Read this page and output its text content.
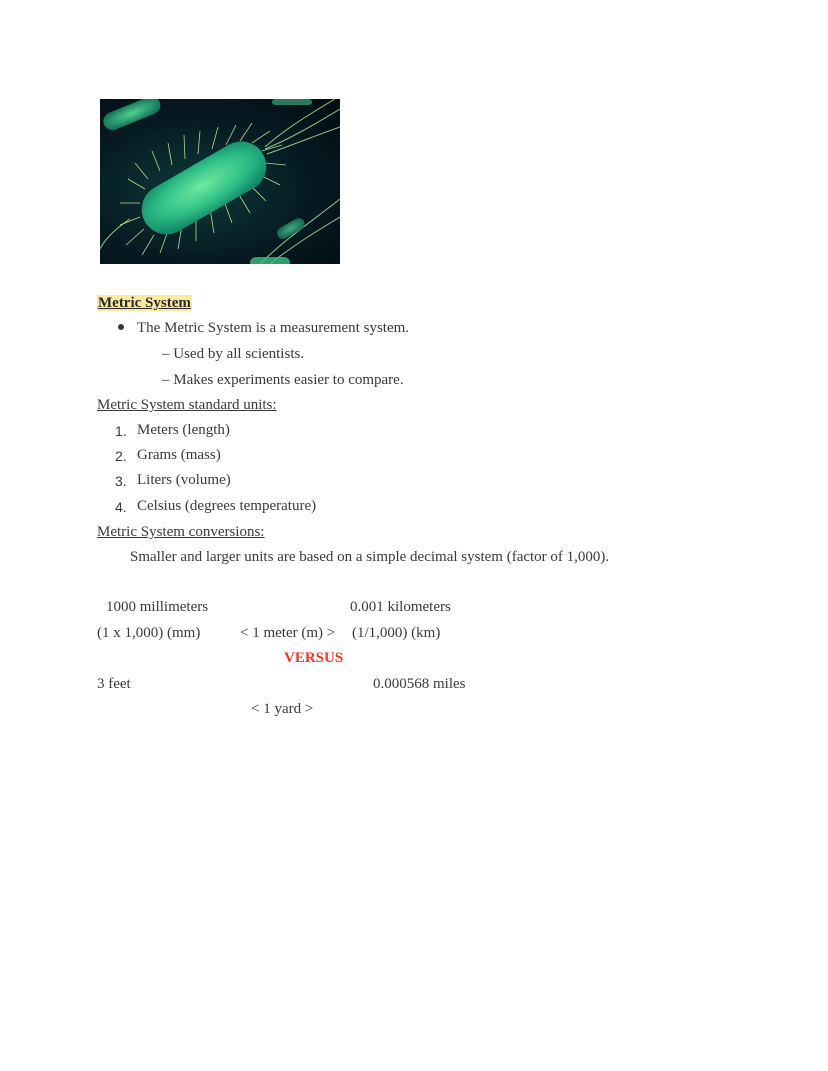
Metric System
The Metric System is a measurement system.
– Used by all scientists.
– Makes experiments easier to compare.
Metric System standard units:
1. Meters (length)
2. Grams (mass)
3. Liters (volume)
4. Celsius (degrees temperature)
Metric System conversions:
Smaller and larger units are based on a simple decimal system (factor of 1,000).
1000 millimeters	0.001 kilometers
(1 x 1,000) (mm)	< 1 meter (m) > (1/1,000) (km)
VERSUS
3 feet	0.000568 miles
< 1 yard >
